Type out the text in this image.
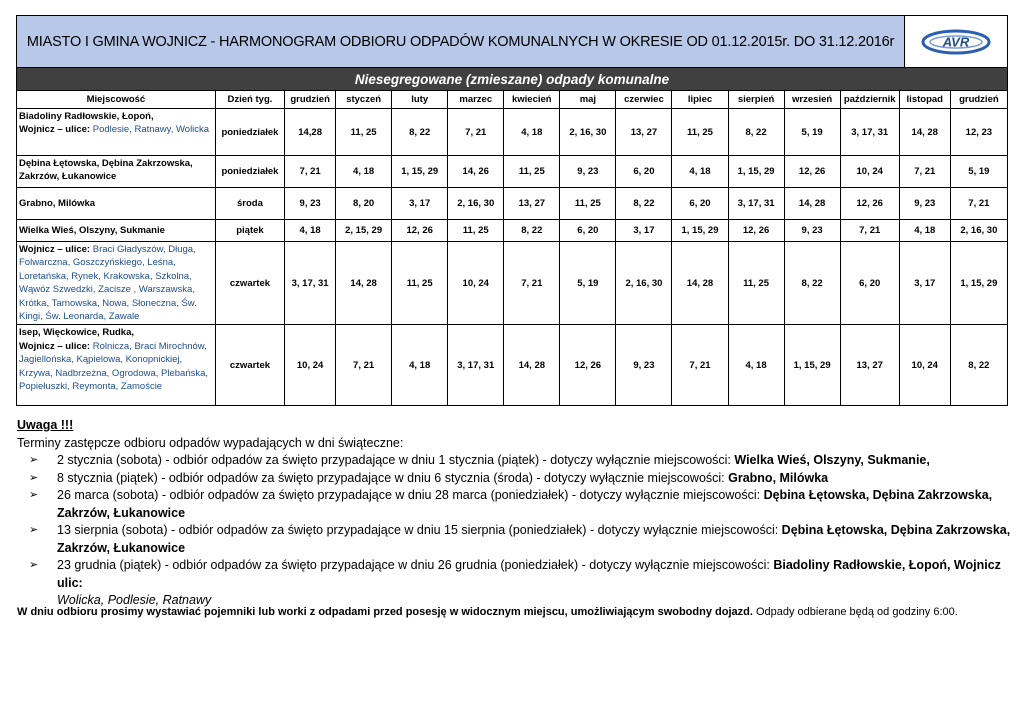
MIASTO I GMINA WOJNICZ - HARMONOGRAM ODBIORU ODPADÓW KOMUNALNYCH W OKRESIE OD 01.12.2015r. DO 31.12.2016r	AVR
Niesegregowane (zmieszane) odpady komunalne
Miejscowość	Dzień tyg.	grudzień	styczeń	luty	marzec	kwiecień	maj	czerwiec	lipiec	sierpień	wrzesień	październik	listopad	grudzień
Biadoliny Radłowskie, Łopoń,
Wojnicz – ulice: Podlesie, Ratnawy, Wolicka	poniedziałek	14,28	11, 25	8, 22	7, 21	4, 18	2, 16, 30	13, 27	11, 25	8, 22	5, 19	3, 17, 31	14, 28	12, 23
Dębina Łętowska, Dębina Zakrzowska, Zakrzów, Łukanowice	poniedziałek	7, 21	4, 18	1, 15, 29	14, 26	11, 25	9, 23	6, 20	4, 18	1, 15, 29	12, 26	10, 24	7, 21	5, 19
Grabno, Milówka	środa	9, 23	8, 20	3, 17	2, 16, 30	13, 27	11, 25	8, 22	6, 20	3, 17, 31	14, 28	12, 26	9, 23	7, 21
Wielka Wieś, Olszyny, Sukmanie	piątek	4, 18	2, 15, 29	12, 26	11, 25	8, 22	6, 20	3, 17	1, 15, 29	12, 26	9, 23	7, 21	4, 18	2, 16, 30
Wojnicz – ulice: Braci Gładyszów, Długa, Folwarczna, Goszczyńskiego, Leśna, Loretańska, Rynek, Krakowska, Szkolna, Wąwóz Szwedzki, Zacisze , Warszawska, Krótka, Tarnowska, Nowa, Słoneczna, Św. Kingi, Św. Leonarda, Zawale	czwartek	3, 17, 31	14, 28	11, 25	10, 24	7, 21	5, 19	2, 16, 30	14, 28	11, 25	8, 22	6, 20	3, 17	1, 15, 29
Isep, Więckowice, Rudka,
Wojnicz – ulice: Rolnicza, Braci Mirochnów, Jagiellońska, Kąpielowa, Konopnickiej, Krzywa, Nadbrzeżna, Ogrodowa, Plebańska, Popiełuszki, Reymonta, Zamoście	czwartek	10, 24	7, 21	4, 18	3, 17, 31	14, 28	12, 26	9, 23	7, 21	4, 18	1, 15, 29	13, 27	10, 24	8, 22
Uwaga !!!
Terminy zastępcze odbioru odpadów wypadających w dni świąteczne:
➢ 2 stycznia (sobota) - odbiór odpadów za święto przypadające w dniu 1 stycznia (piątek) - dotyczy wyłącznie miejscowości: Wielka Wieś, Olszyny, Sukmanie,
➢ 8 stycznia (piątek) - odbiór odpadów za święto przypadające w dniu 6 stycznia (środa) - dotyczy wyłącznie miejscowości: Grabno, Milówka
➢ 26 marca (sobota) - odbiór odpadów za święto przypadające w dniu 28 marca (poniedziałek) - dotyczy wyłącznie miejscowości: Dębina Łętowska, Dębina Zakrzowska, Zakrzów, Łukanowice
➢ 13 sierpnia (sobota) - odbiór odpadów za święto przypadające w dniu 15 sierpnia (poniedziałek) - dotyczy wyłącznie miejscowości: Dębina Łętowska, Dębina Zakrzowska, Zakrzów, Łukanowice
➢ 23 grudnia (piątek) - odbiór odpadów za święto przypadające w dniu 26 grudnia (poniedziałek) - dotyczy wyłącznie miejscowości: Biadoliny Radłowskie, Łopoń, Wojnicz ulic:
Wolicka, Podlesie, Ratnawy
W dniu odbioru prosimy wystawiać pojemniki lub worki z odpadami przed posesję w widocznym miejscu, umożliwiającym swobodny dojazd. Odpady odbierane będą od godziny 6:00.
